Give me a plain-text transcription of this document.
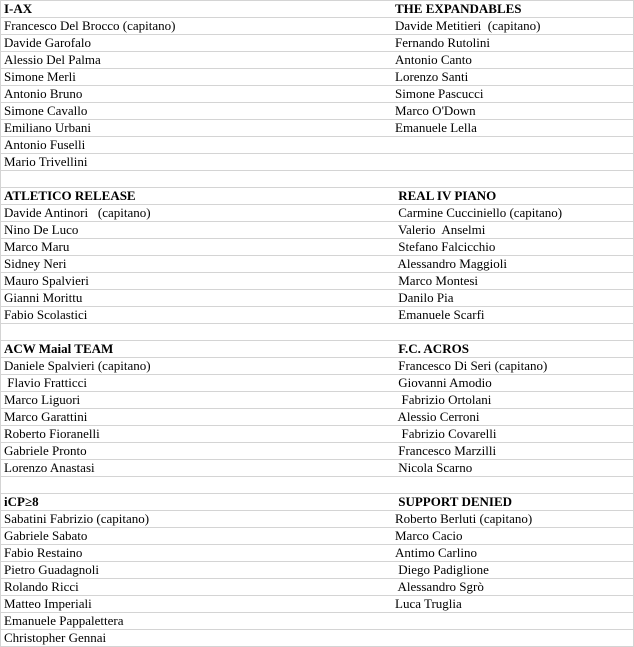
I-AX	THE EXPANDABLES
Francesco Del Brocco (capitano)	Davide Metitieri  (capitano)
Davide Garofalo	Fernando Rutolini
Alessio Del Palma	Antonio Canto
Simone Merli	Lorenzo Santi
Antonio Bruno	Simone Pascucci
Simone Cavallo	Marco O'Down
Emiliano Urbani	Emanuele Lella
Antonio Fuselli
Mario Trivellini
ATLETICO RELEASE	REAL IV PIANO
Davide Antinori   (capitano)	Carmine Cucciniello (capitano)
Nino De Luco	Valerio  Anselmi
Marco Maru	Stefano Falcicchio
Sidney Neri	Alessandro Maggioli
Mauro Spalvieri	Marco Montesi
Gianni Morittu	Danilo Pia
Fabio Scolastici	Emanuele Scarfi
ACW Maial TEAM	F.C. ACROS
Daniele Spalvieri (capitano)	Francesco Di Seri (capitano)
Flavio Fratticci	Giovanni Amodio
Marco Liguori	Fabrizio Ortolani
Marco Garattini	Alessio Cerroni
Roberto Fioranelli	Fabrizio Covarelli
Gabriele Pronto	Francesco Marzilli
Lorenzo Anastasi	Nicola Scarno
iCP≥8	SUPPORT DENIED
Sabatini Fabrizio (capitano)	Roberto Berluti (capitano)
Gabriele Sabato	Marco Cacio
Fabio Restaino	Antimo Carlino
Pietro Guadagnoli	Diego Padiglione
Rolando Ricci	Alessandro Sgrò
Matteo Imperiali	Luca Truglia
Emanuele Pappalettera
Christopher Gennai
